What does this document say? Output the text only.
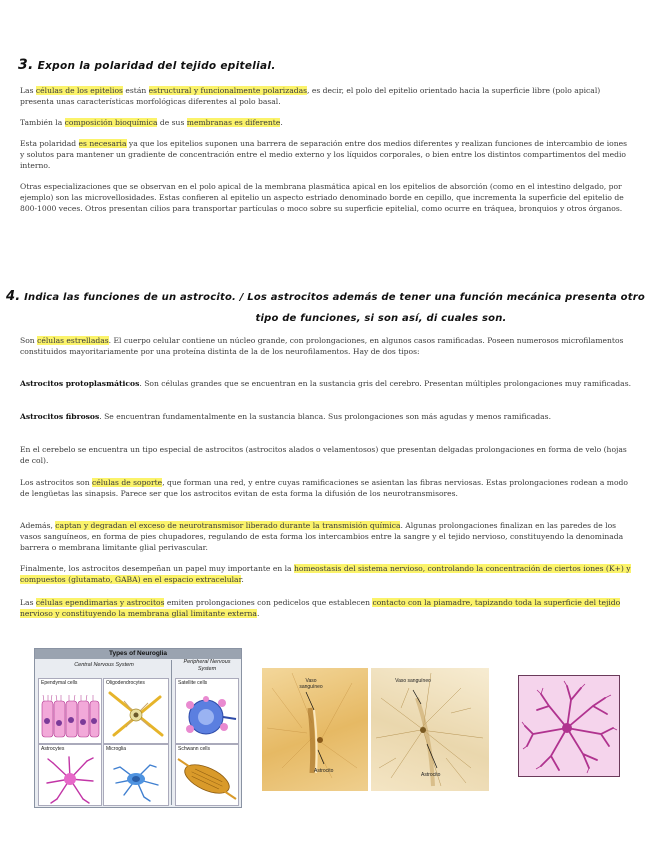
3. Expon la polaridad del tejido epitelial.

Las células de los epitelios están estructural y funcionalmente polarizadas, es decir, el polo del epitelio orientado hacia la superficie libre (polo apical) presenta unas características morfológicas diferentes al polo basal.

También la composición bioquímica de sus membranas es diferente.

Esta polaridad es necesaria ya que los epitelios suponen una barrera de separación entre dos medios diferentes y realizan funciones de intercambio de iones y solutos para mantener un gradiente de concentración entre el medio externo y los líquidos corporales, o bien entre los distintos compartimentos del medio interno.

Otras especializaciones que se observan en el polo apical de la membrana plasmática apical en los epitelios de absorción (como en el intestino delgado, por ejemplo) son las microvellosidades. Estas confieren al epitelio un aspecto estriado denominado borde en cepillo, que incrementa la superficie del epitelio de 800-1000 veces. Otros presentan cilios para transportar partículas o moco sobre su superficie epitelial, como ocurre en tráquea, bronquios y otros órganos.

4. Indica las funciones de un astrocito. / Los astrocitos además de tener una función mecánica presenta otro
tipo de funciones, si son así, di cuales son.

Son células estrelladas. El cuerpo celular contiene un núcleo grande, con prolongaciones, en algunos casos ramificadas. Poseen numerosos microfilamentos constituidos mayoritariamente por una proteína distinta de la de los neurofilamentos. Hay de dos tipos:

Astrocitos protoplasmáticos. Son células grandes que se encuentran en la sustancia gris del cerebro. Presentan múltiples prolongaciones muy ramificadas.

Astrocitos fibrosos. Se encuentran fundamentalmente en la sustancia blanca. Sus prolongaciones son más agudas y menos ramificadas.

En el cerebelo se encuentra un tipo especial de astrocitos (astrocitos alados o velamentosos) que presentan delgadas prolongaciones en forma de velo (hojas de col).

Los astrocitos son células de soporte, que forman una red, y entre cuyas ramificaciones se asientan las fibras nerviosas. Estas prolongaciones rodean a modo de lengüetas las sinapsis. Parece ser que los astrocitos evitan de esta forma la difusión de los neurotransmisores.

Además, captan y degradan el exceso de neurotransmisor liberado durante la transmisión química. Algunas prolongaciones finalizan en las paredes de los vasos sanguíneos, en forma de pies chupadores, regulando de esta forma los intercambios entre la sangre y el tejido nervioso, constituyendo la denominada barrera o membrana limitante glial perivascular.

Finalmente, los astrocitos desempeñan un papel muy importante en la homeostasis del sistema nervioso, controlando la concentración de ciertos iones (K+) y compuestos (glutamato, GABA) en el espacio extracelular.

Las células ependimarias y astrocitos emiten prolongaciones con pedicelos que establecen contacto con la piamadre, tapizando toda la superficie del tejido nervioso y constituyendo la membrana glial limitante externa.

Types of Neuroglia
Central Nervous System	Peripheral Nervous System
Ependymal cells	Oligodendrocytes	Satellite cells
Astrocytes	Microglia	Schwann cells
Vaso sanguíneo
Astrocito
Vaso sanguíneo
Astrocito
